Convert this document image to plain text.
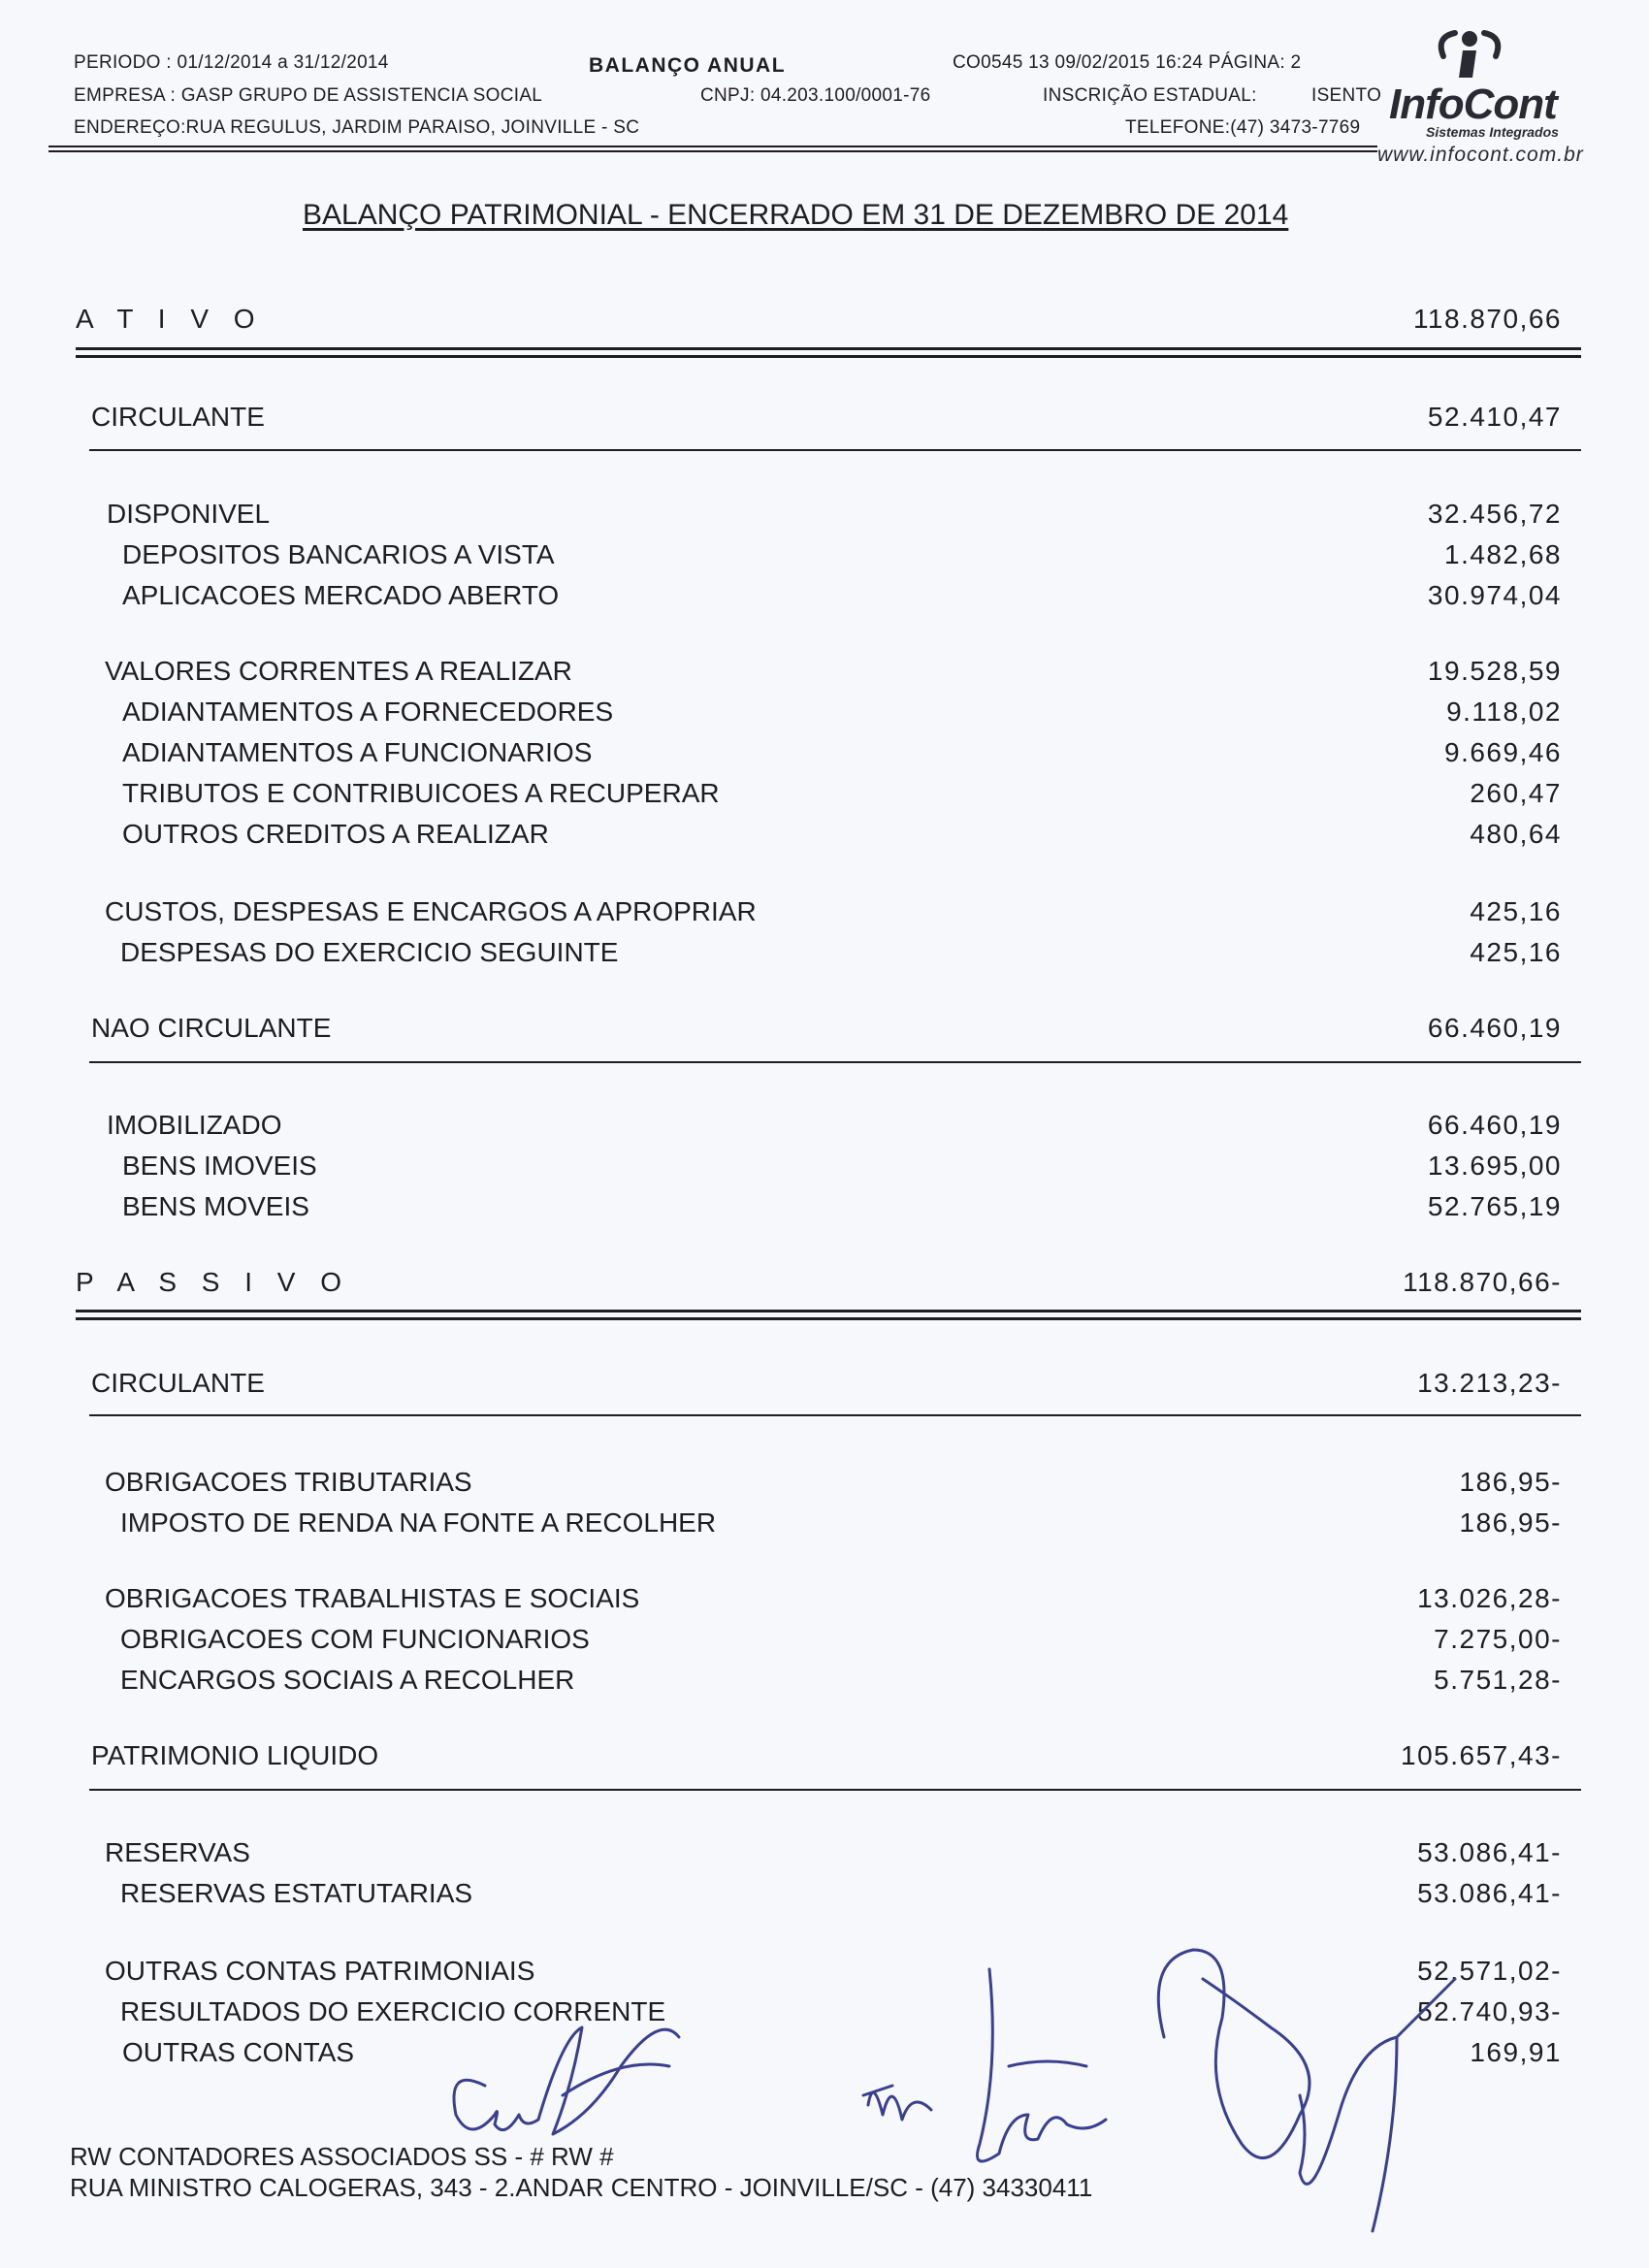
PERIODO : 01/12/2014 a 31/12/2014
EMPRESA : GASP GRUPO DE ASSISTENCIA SOCIAL
ENDEREÇO:RUA REGULUS, JARDIM PARAISO, JOINVILLE - SC
BALANÇO ANUAL
CNPJ: 04.203.100/0001-76
CO0545 13 09/02/2015 16:24 PÁGINA: 2
INSCRIÇÃO ESTADUAL:	ISENTO
TELEFONE:(47) 3473-7769 InfoCont
Sistemas Integrados
www.infocont.com.br
BALANÇO PATRIMONIAL - ENCERRADO EM 31 DE DEZEMBRO DE 2014
A T I V O	118.870,66
CIRCULANTE	52.410,47
DISPONIVEL	32.456,72
DEPOSITOS BANCARIOS A VISTA	1.482,68
APLICACOES MERCADO ABERTO	30.974,04
VALORES CORRENTES A REALIZAR	19.528,59
ADIANTAMENTOS A FORNECEDORES	9.118,02
ADIANTAMENTOS A FUNCIONARIOS	9.669,46
TRIBUTOS E CONTRIBUICOES A RECUPERAR	260,47
OUTROS CREDITOS A REALIZAR	480,64
CUSTOS, DESPESAS E ENCARGOS A APROPRIAR	425,16
DESPESAS DO EXERCICIO SEGUINTE	425,16
NAO CIRCULANTE	66.460,19
IMOBILIZADO	66.460,19
BENS IMOVEIS	13.695,00
BENS MOVEIS	52.765,19
P A S S I V O	118.870,66-
CIRCULANTE	13.213,23-
OBRIGACOES TRIBUTARIAS	186,95-
IMPOSTO DE RENDA NA FONTE A RECOLHER	186,95-
OBRIGACOES TRABALHISTAS E SOCIAIS	13.026,28-
OBRIGACOES COM FUNCIONARIOS	7.275,00-
ENCARGOS SOCIAIS A RECOLHER	5.751,28-
PATRIMONIO LIQUIDO	105.657,43-
RESERVAS	53.086,41-
RESERVAS ESTATUTARIAS	53.086,41-
OUTRAS CONTAS PATRIMONIAIS	52.571,02-
RESULTADOS DO EXERCICIO CORRENTE	52.740,93-
OUTRAS CONTAS	169,91
RW CONTADORES ASSOCIADOS SS - # RW #
RUA MINISTRO CALOGERAS, 343 - 2.ANDAR CENTRO - JOINVILLE/SC - (47) 34330411
